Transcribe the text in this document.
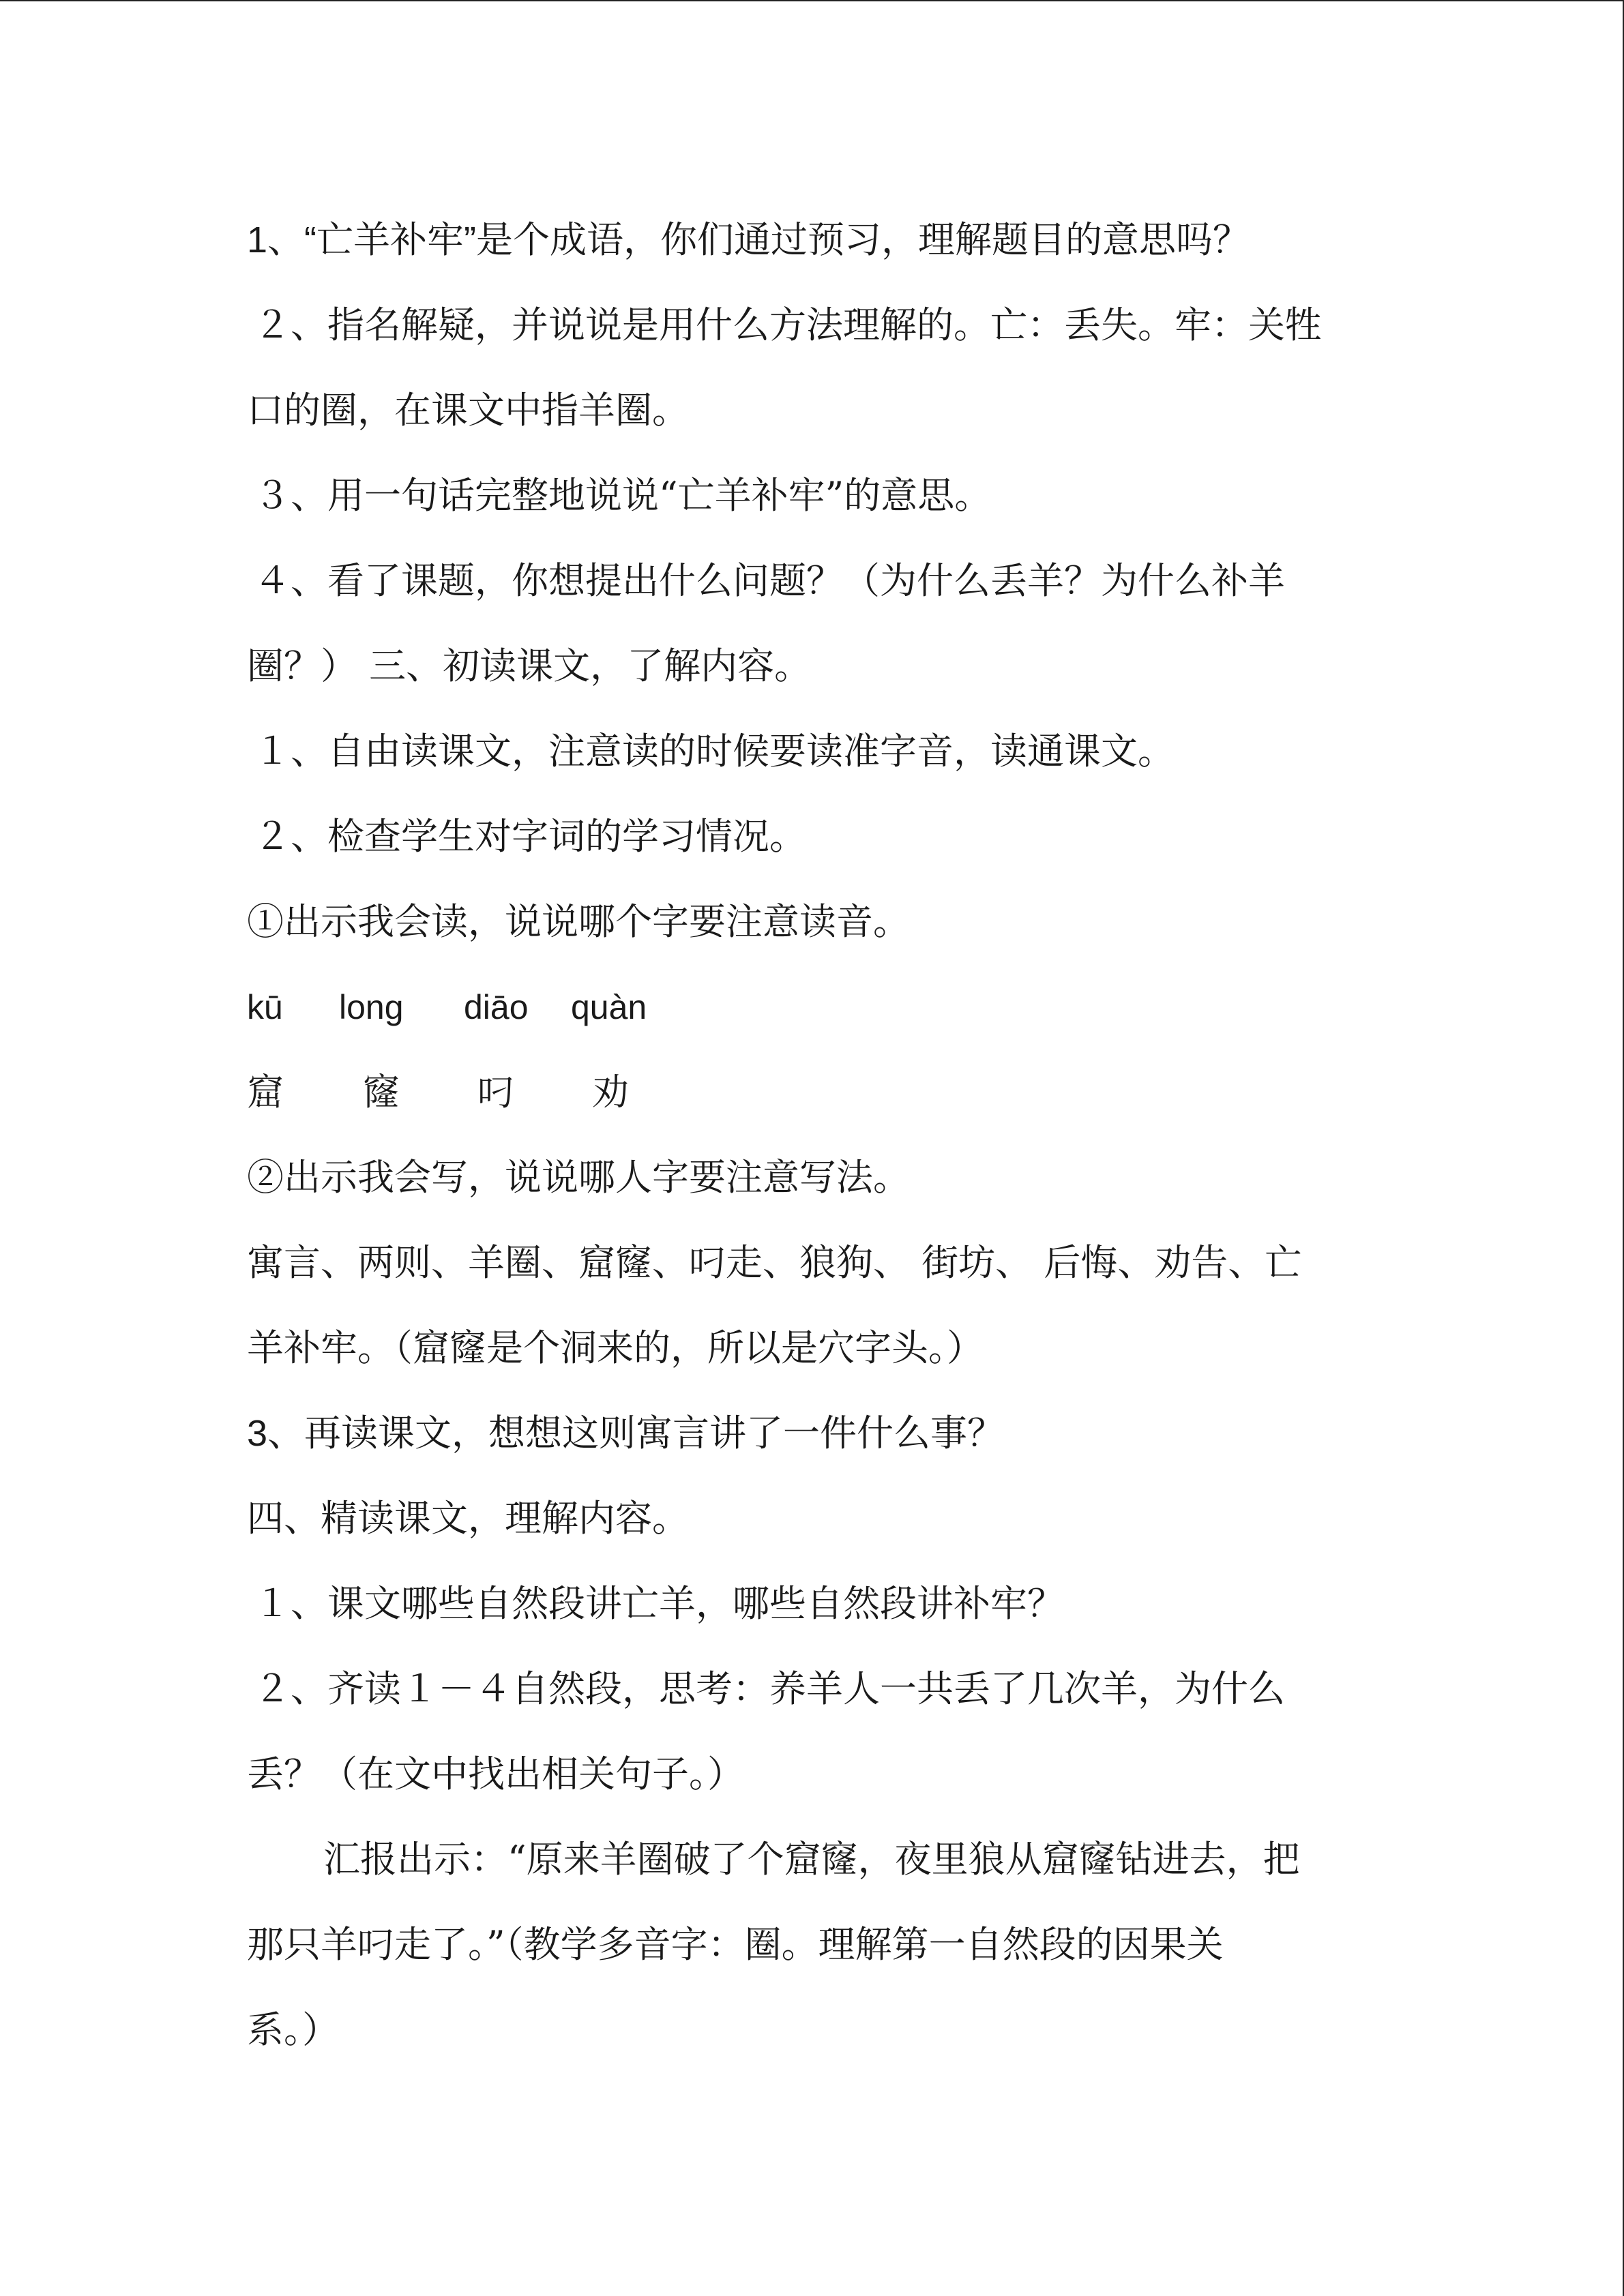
1、“亡羊补牢”是个成语，你们通过预习，理解题目的意思吗？
２、指名解疑，并说说是用什么方法理解的。亡：丢失。牢：关牲
口的圈，在课文中指羊圈。
３、用一句话完整地说说“亡羊补牢”的意思。
４、看了课题，你想提出什么问题？（为什么丢羊？为什么补羊
圈？） 三、初读课文，了解内容。
１、自由读课文，注意读的时候要读准字音，读通课文。
２、检查学生对字词的学习情况。
①出示我会读，说说哪个字要注意读音。
kū long diāo quàn
窟 窿 叼 劝
②出示我会写，说说哪人字要注意写法。
寓言、两则、羊圈、窟窿、叼走、狼狗、 街坊、 后悔、劝告、亡
羊补牢。（窟窿是个洞来的，所以是穴字头。）
3、再读课文，想想这则寓言讲了一件什么事？
四、精读课文，理解内容。
１、课文哪些自然段讲亡羊，哪些自然段讲补牢？
２、齐读１－４自然段，思考：养羊人一共丢了几次羊，为什么
丢？（在文中找出相关句子。）
汇报出示：“原来羊圈破了个窟窿，夜里狼从窟窿钻进去，把
那只羊叼走了。”（教学多音字：圈。理解第一自然段的因果关
系。）
